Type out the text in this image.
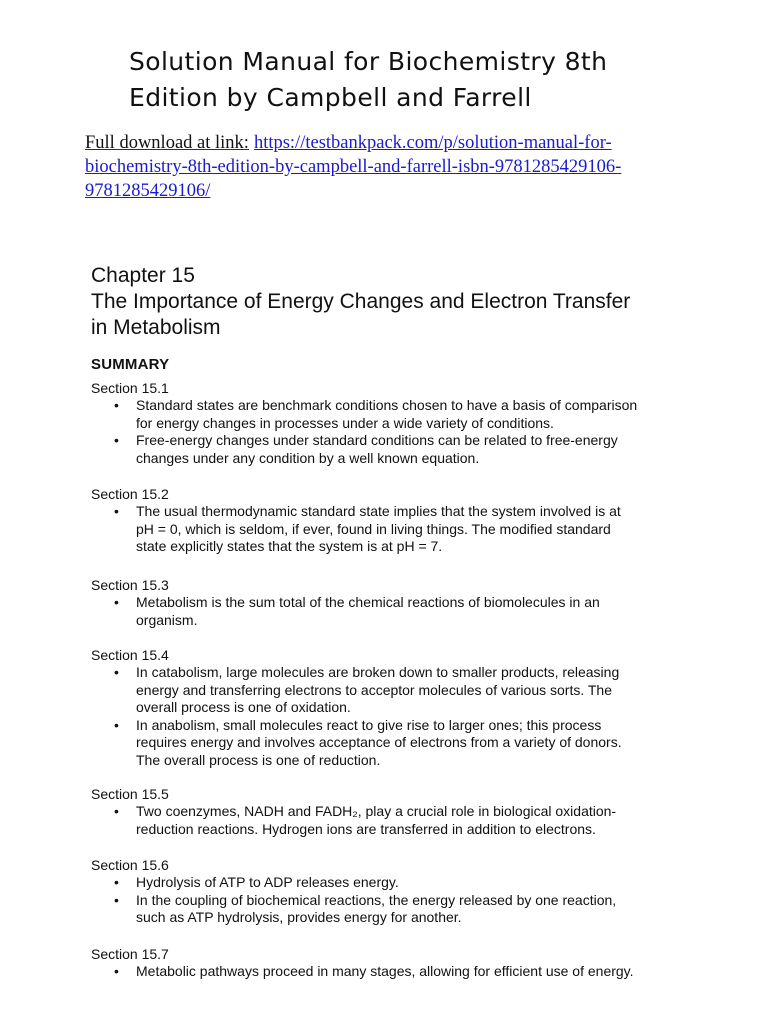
Solution Manual for Biochemistry 8th
Edition by Campbell and Farrell
Full download at link: https://testbankpack.com/p/solution-manual-for-
biochemistry-8th-edition-by-campbell-and-farrell-isbn-9781285429106-
9781285429106/
Chapter 15
The Importance of Energy Changes and Electron Transfer
in Metabolism
SUMMARY
Section 15.1
• Standard states are benchmark conditions chosen to have a basis of comparison
for energy changes in processes under a wide variety of conditions.
• Free-energy changes under standard conditions can be related to free-energy
changes under any condition by a well known equation.
Section 15.2
• The usual thermodynamic standard state implies that the system involved is at
pH = 0, which is seldom, if ever, found in living things. The modified standard
state explicitly states that the system is at pH = 7.
Section 15.3
• Metabolism is the sum total of the chemical reactions of biomolecules in an
organism.
Section 15.4
• In catabolism, large molecules are broken down to smaller products, releasing
energy and transferring electrons to acceptor molecules of various sorts. The
overall process is one of oxidation.
• In anabolism, small molecules react to give rise to larger ones; this process
requires energy and involves acceptance of electrons from a variety of donors.
The overall process is one of reduction.
Section 15.5
• Two coenzymes, NADH and FADH₂, play a crucial role in biological oxidation-
reduction reactions. Hydrogen ions are transferred in addition to electrons.
Section 15.6
• Hydrolysis of ATP to ADP releases energy.
• In the coupling of biochemical reactions, the energy released by one reaction,
such as ATP hydrolysis, provides energy for another.
Section 15.7
• Metabolic pathways proceed in many stages, allowing for efficient use of energy.
